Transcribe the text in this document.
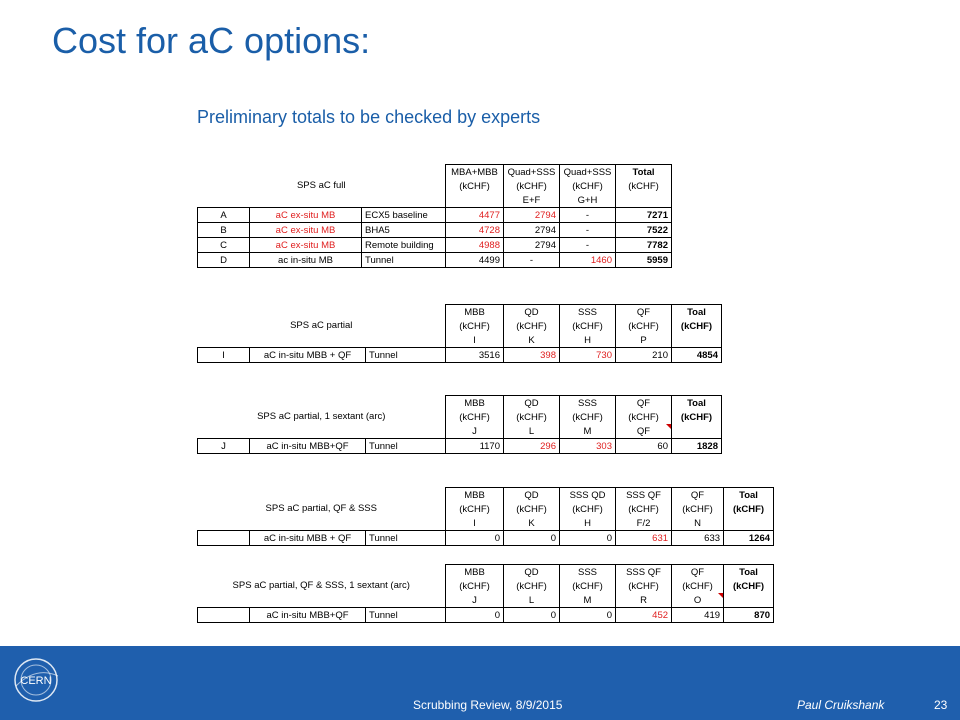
Cost for aC options:
Preliminary totals to be checked by experts
SPS aC full			MBA+MBB	Quad+SSS	Quad+SSS	Total
			(kCHF)	(kCHF)	(kCHF)	(kCHF)
				E+F	G+H	
A	aC ex-situ MB	ECX5 baseline	4477	2794	-	7271
B	aC ex-situ MB	BHA5	4728	2794	-	7522
C	aC ex-situ MB	Remote building	4988	2794	-	7782
D	ac in-situ MB	Tunnel	4499	-	1460	5959
SPS aC partial			MBB	QD	SSS	QF	Toal
			(kCHF)	(kCHF)	(kCHF)	(kCHF)	(kCHF)
			I	K	H	P	
I	aC in-situ MBB + QF	Tunnel	3516	398	730	210	4854
SPS aC partial, 1 sextant (arc)			MBB	QD	SSS	QF	Toal
			(kCHF)	(kCHF)	(kCHF)	(kCHF)	(kCHF)
			J	L	M	QF	
J	aC in-situ MBB+QF	Tunnel	1170	296	303	60	1828
SPS aC partial, QF & SSS			MBB	QD	SSS QD	SSS QF	QF	Toal
			(kCHF)	(kCHF)	(kCHF)	(kCHF)	(kCHF)	(kCHF)
			I	K	H	F/2	N	
	aC in-situ MBB + QF	Tunnel	0	0	0	631	633	1264
SPS aC partial, QF & SSS, 1 sextant (arc)			MBB	QD	SSS	SSS QF	QF	Toal
			(kCHF)	(kCHF)	(kCHF)	(kCHF)	(kCHF)	(kCHF)
			J	L	M	R	O	
	aC in-situ MBB+QF	Tunnel	0	0	0	452	419	870
CERN
Scrubbing Review, 8/9/2015	Paul Cruikshank	23
